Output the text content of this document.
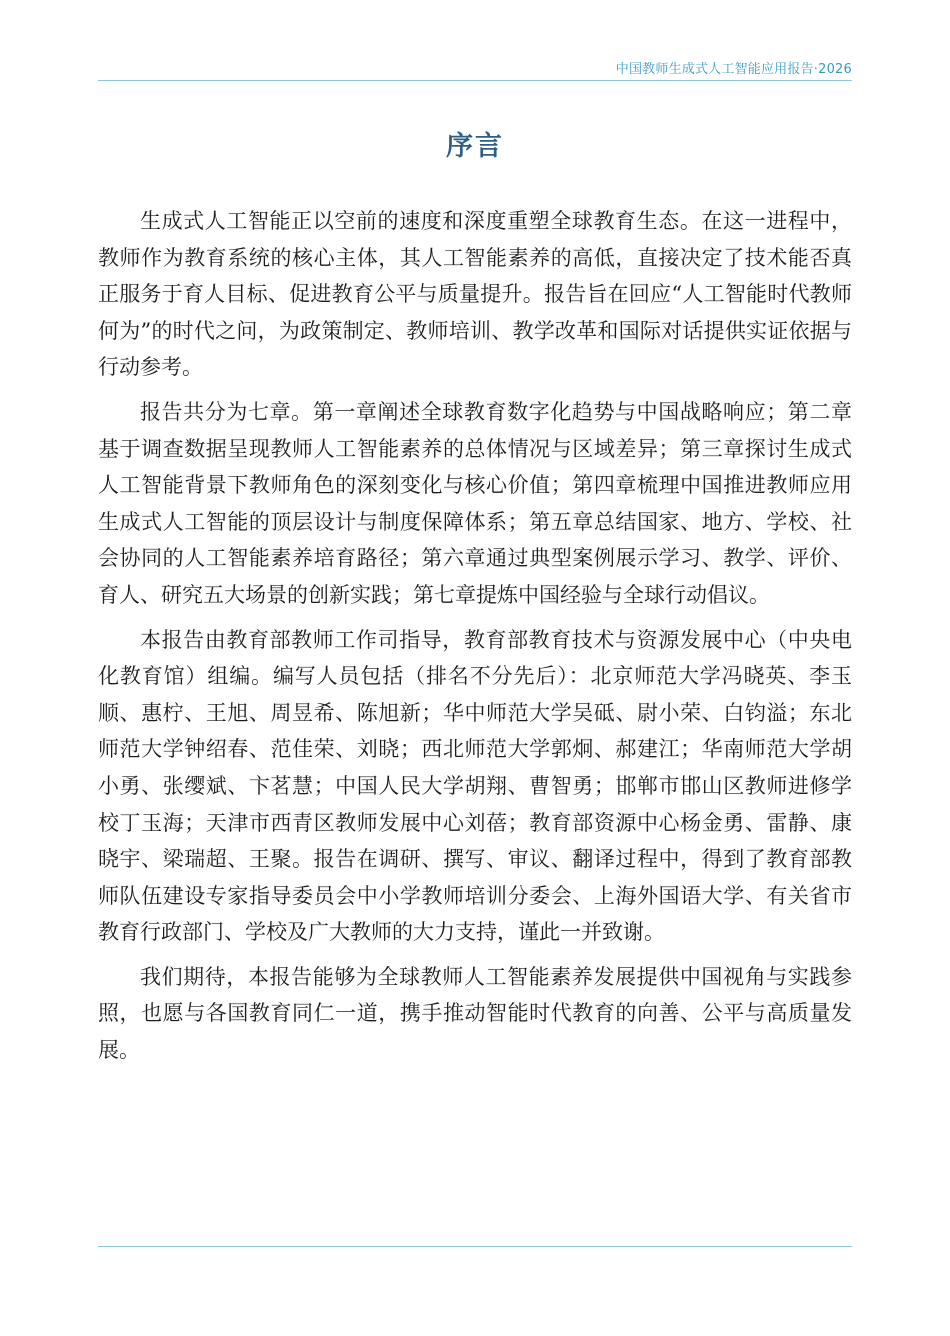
中国教师生成式人工智能应用报告·2026
序言

生成式人工智能正以空前的速度和深度重塑全球教育生态。在这一进程中，教师作为教育系统的核心主体，其人工智能素养的高低，直接决定了技术能否真正服务于育人目标、促进教育公平与质量提升。报告旨在回应“人工智能时代教师何为”的时代之问，为政策制定、教师培训、教学改革和国际对话提供实证依据与行动参考。

报告共分为七章。第一章阐述全球教育数字化趋势与中国战略响应；第二章基于调查数据呈现教师人工智能素养的总体情况与区域差异；第三章探讨生成式人工智能背景下教师角色的深刻变化与核心价值；第四章梳理中国推进教师应用生成式人工智能的顶层设计与制度保障体系；第五章总结国家、地方、学校、社会协同的人工智能素养培育路径；第六章通过典型案例展示学习、教学、评价、育人、研究五大场景的创新实践；第七章提炼中国经验与全球行动倡议。

本报告由教育部教师工作司指导，教育部教育技术与资源发展中心（中央电化教育馆）组编。编写人员包括（排名不分先后）：北京师范大学冯晓英、李玉顺、惠柠、王旭、周昱希、陈旭新；华中师范大学吴砥、尉小荣、白钧溢；东北师范大学钟绍春、范佳荣、刘晓；西北师范大学郭炯、郝建江；华南师范大学胡小勇、张缨斌、卞茗慧；中国人民大学胡翔、曹智勇；邯郸市邯山区教师进修学校丁玉海；天津市西青区教师发展中心刘蓓；教育部资源中心杨金勇、雷静、康晓宇、梁瑞超、王聚。报告在调研、撰写、审议、翻译过程中，得到了教育部教师队伍建设专家指导委员会中小学教师培训分委会、上海外国语大学、有关省市教育行政部门、学校及广大教师的大力支持，谨此一并致谢。

我们期待，本报告能够为全球教师人工智能素养发展提供中国视角与实践参照，也愿与各国教育同仁一道，携手推动智能时代教育的向善、公平与高质量发展。
